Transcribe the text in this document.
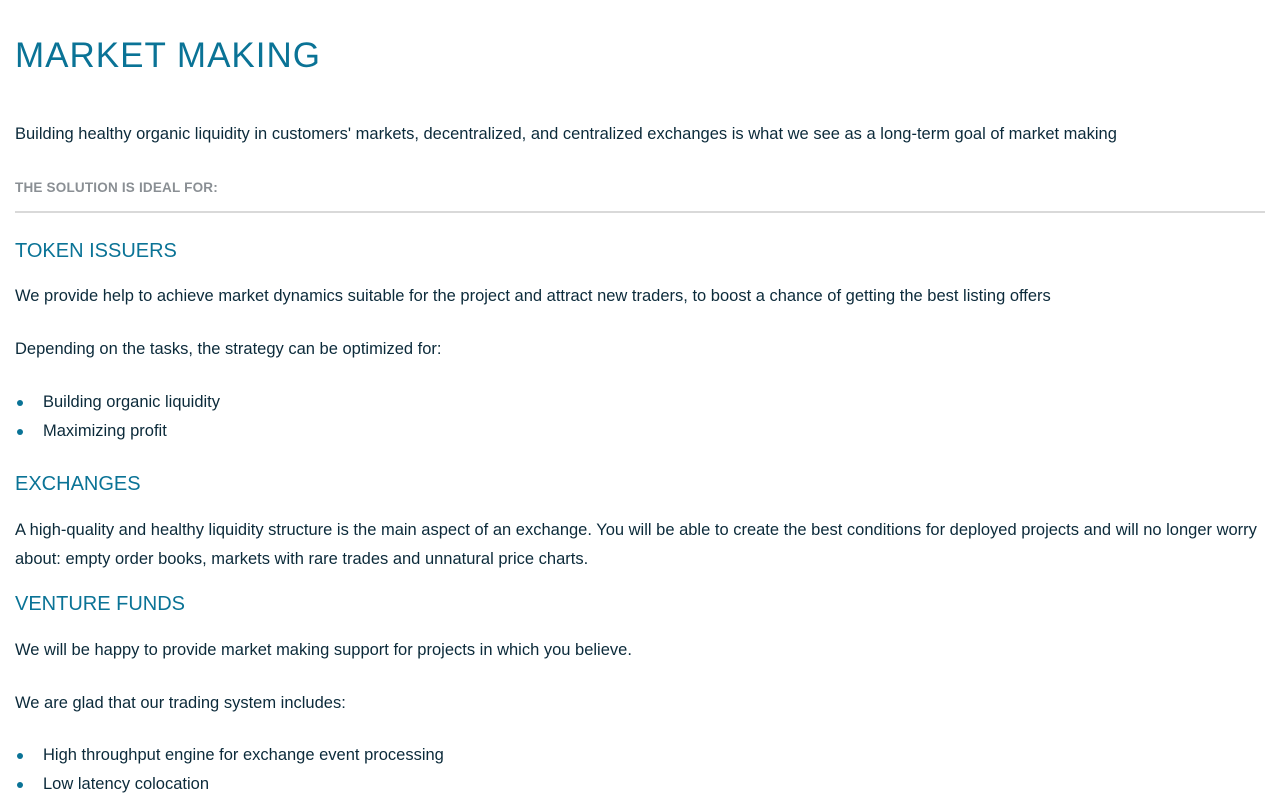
MARKET MAKING

Building healthy organic liquidity in customers' markets, decentralized, and centralized exchanges is what we see as a long-term goal of market making

THE SOLUTION IS IDEAL FOR:

TOKEN ISSUERS

We provide help to achieve market dynamics suitable for the project and attract new traders, to boost a chance of getting the best listing offers

Depending on the tasks, the strategy can be optimized for:

Building organic liquidity
Maximizing profit
EXCHANGES

A high-quality and healthy liquidity structure is the main aspect of an exchange. You will be able to create the best conditions for deployed projects and will no longer worry about: empty order books, markets with rare trades and unnatural price charts.

VENTURE FUNDS

We will be happy to provide market making support for projects in which you believe.

We are glad that our trading system includes:

High throughput engine for exchange event processing
Low latency colocation
